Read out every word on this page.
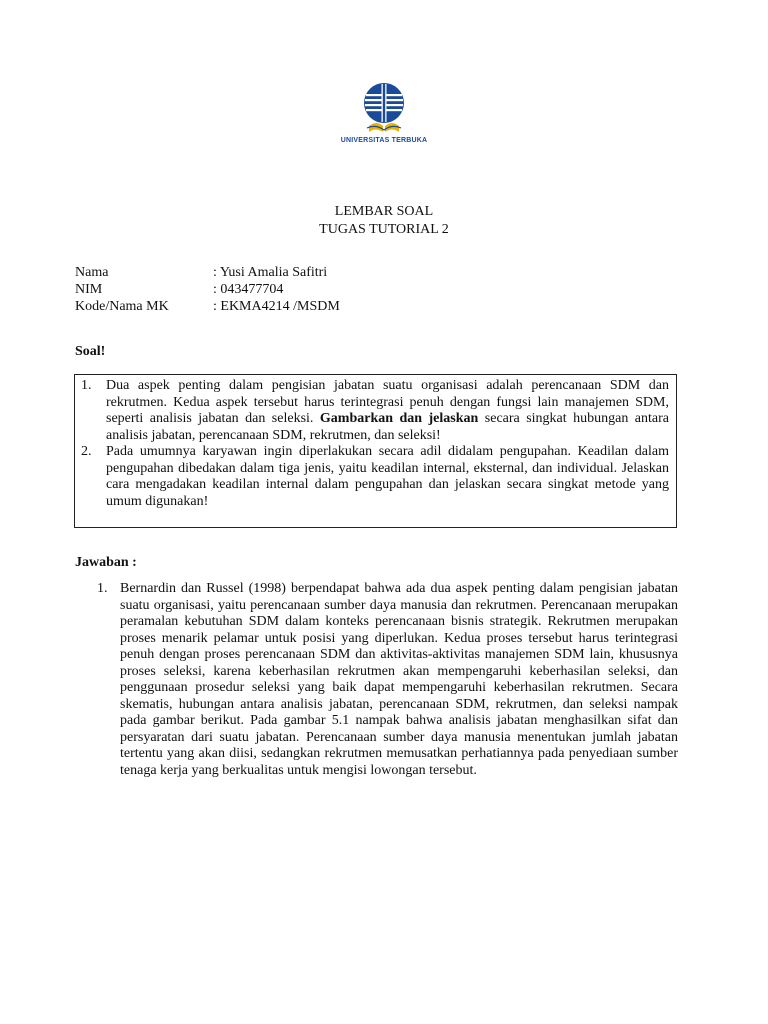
UNIVERSITAS TERBUKA
LEMBAR SOAL
TUGAS TUTORIAL 2
Nama	: Yusi Amalia Safitri
NIM	: 043477704
Kode/Nama MK	: EKMA4214 /MSDM
Soal!
1.	Dua aspek penting dalam pengisian jabatan suatu organisasi adalah perencanaan SDM dan rekrutmen. Kedua aspek tersebut harus terintegrasi penuh dengan fungsi lain manajemen SDM, seperti analisis jabatan dan seleksi. Gambarkan dan jelaskan secara singkat hubungan antara analisis jabatan, perencanaan SDM, rekrutmen, dan seleksi!
2.	Pada umumnya karyawan ingin diperlakukan secara adil didalam pengupahan. Keadilan dalam pengupahan dibedakan dalam tiga jenis, yaitu keadilan internal, eksternal, dan individual. Jelaskan cara mengadakan keadilan internal dalam pengupahan dan jelaskan secara singkat metode yang umum digunakan!
Jawaban :
1. Bernardin dan Russel (1998) berpendapat bahwa ada dua aspek penting dalam pengisian jabatan suatu organisasi, yaitu perencanaan sumber daya manusia dan rekrutmen. Perencanaan merupakan peramalan kebutuhan SDM dalam konteks perencanaan bisnis strategik. Rekrutmen merupakan proses menarik pelamar untuk posisi yang diperlukan. Kedua proses tersebut harus terintegrasi penuh dengan proses perencanaan SDM dan aktivitas-aktivitas manajemen SDM lain, khususnya proses seleksi, karena keberhasilan rekrutmen akan mempengaruhi keberhasilan seleksi, dan penggunaan prosedur seleksi yang baik dapat mempengaruhi keberhasilan rekrutmen. Secara skematis, hubungan antara analisis jabatan, perencanaan SDM, rekrutmen, dan seleksi nampak pada gambar berikut. Pada gambar 5.1 nampak bahwa analisis jabatan menghasilkan sifat dan persyaratan dari suatu jabatan. Perencanaan sumber daya manusia menentukan jumlah jabatan tertentu yang akan diisi, sedangkan rekrutmen memusatkan perhatiannya pada penyediaan sumber tenaga kerja yang berkualitas untuk mengisi lowongan tersebut.
